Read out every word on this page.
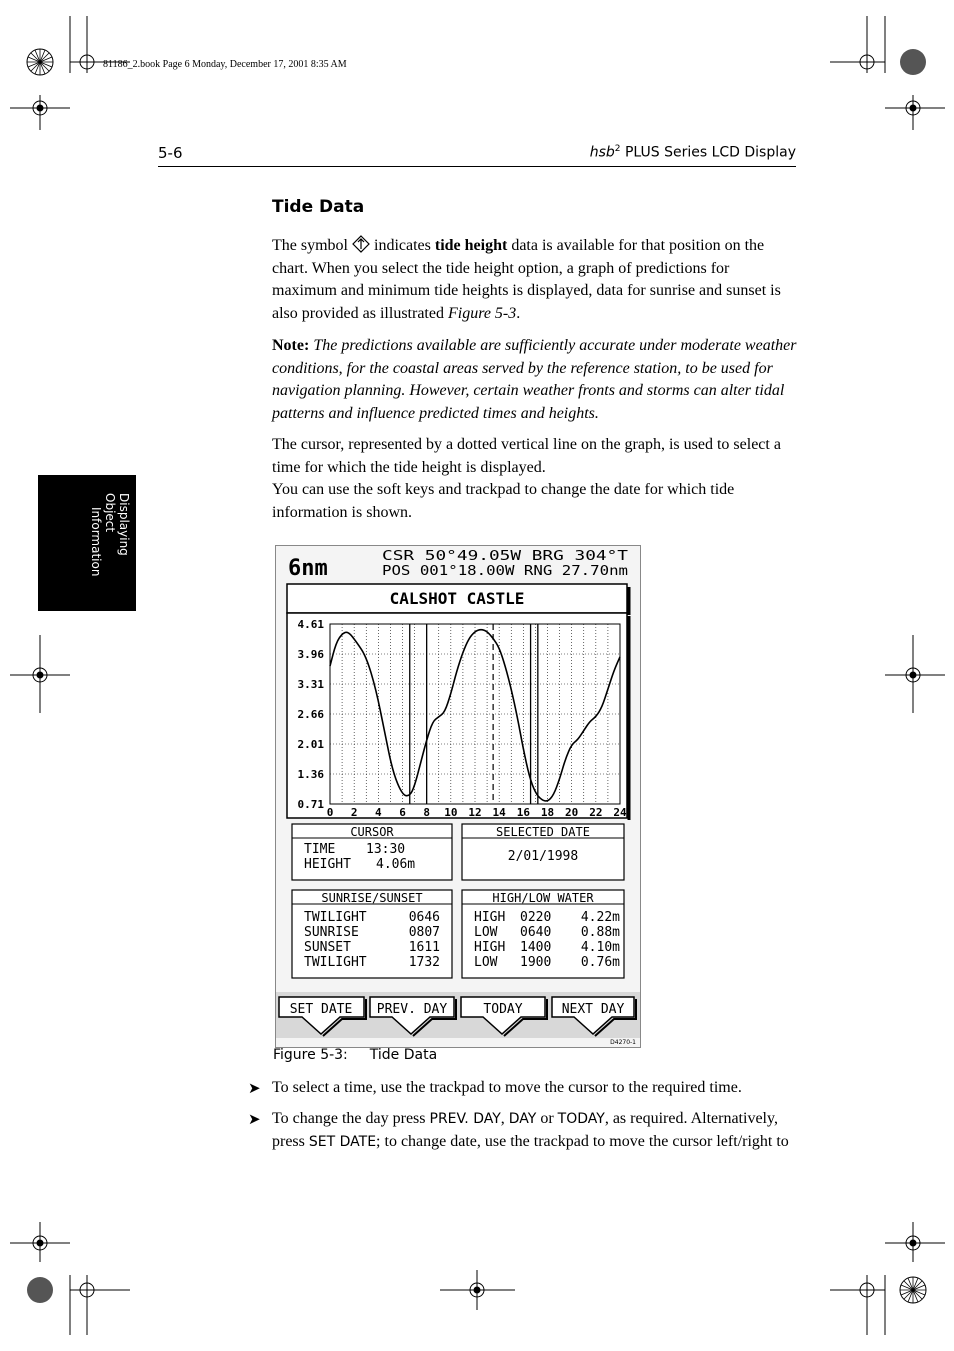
81186_2.book Page 6 Monday, December 17, 2001 8:35 AM
5-6	hsb$^2$ PLUS Series LCD Display
Displaying Object
Information
Tide Data

The symbol  indicates tide height data is available for that position on the chart. When you select the tide height option, a graph of predictions for maximum and minimum tide heights is displayed, data for sunrise and sunset is also provided as illustrated Figure 5-3.

Note: The predictions available are sufficiently accurate under moderate weather conditions, for the coastal areas served by the reference station, to be used for navigation planning. However, certain weather fronts and storms can alter tidal patterns and influence predicted times and heights.

The cursor, represented by a dotted vertical line on the graph, is used to select a time for which the tide height is displayed.

You can use the soft keys and trackpad to change the date for which tide information is shown.

6nm	CSR 50°49.05W BRG 304°T
POS 001°18.00W RNG 27.70nm
CALSHOT CASTLE
4.61
3.96
3.31
2.66
2.01
1.36
0.71
0 2 4 6 8 10 12 14 16 18 20 22 24
CURSOR
TIME 13:30
HEIGHT 4.06m
SELECTED DATE
2/01/1998
SUNRISE/SUNSET
TWILIGHT	0646
SUNRISE	0807
SUNSET	1611
TWILIGHT	1732
HIGH/LOW WATER
HIGH 0220 4.22m
LOW 0640 0.88m
HIGH 1400 4.10m
LOW 1900 0.76m
SET DATE PREV. DAY	TODAY	NEXT DAY
D4270-1
Figure 5-3: Tide Data
➤ To select a time, use the trackpad to move the cursor to the required time.

➤ To change the day press PREV. DAY, DAY or TODAY, as required. Alternatively, press SET DATE; to change date, use the trackpad to move the cursor left/right to
